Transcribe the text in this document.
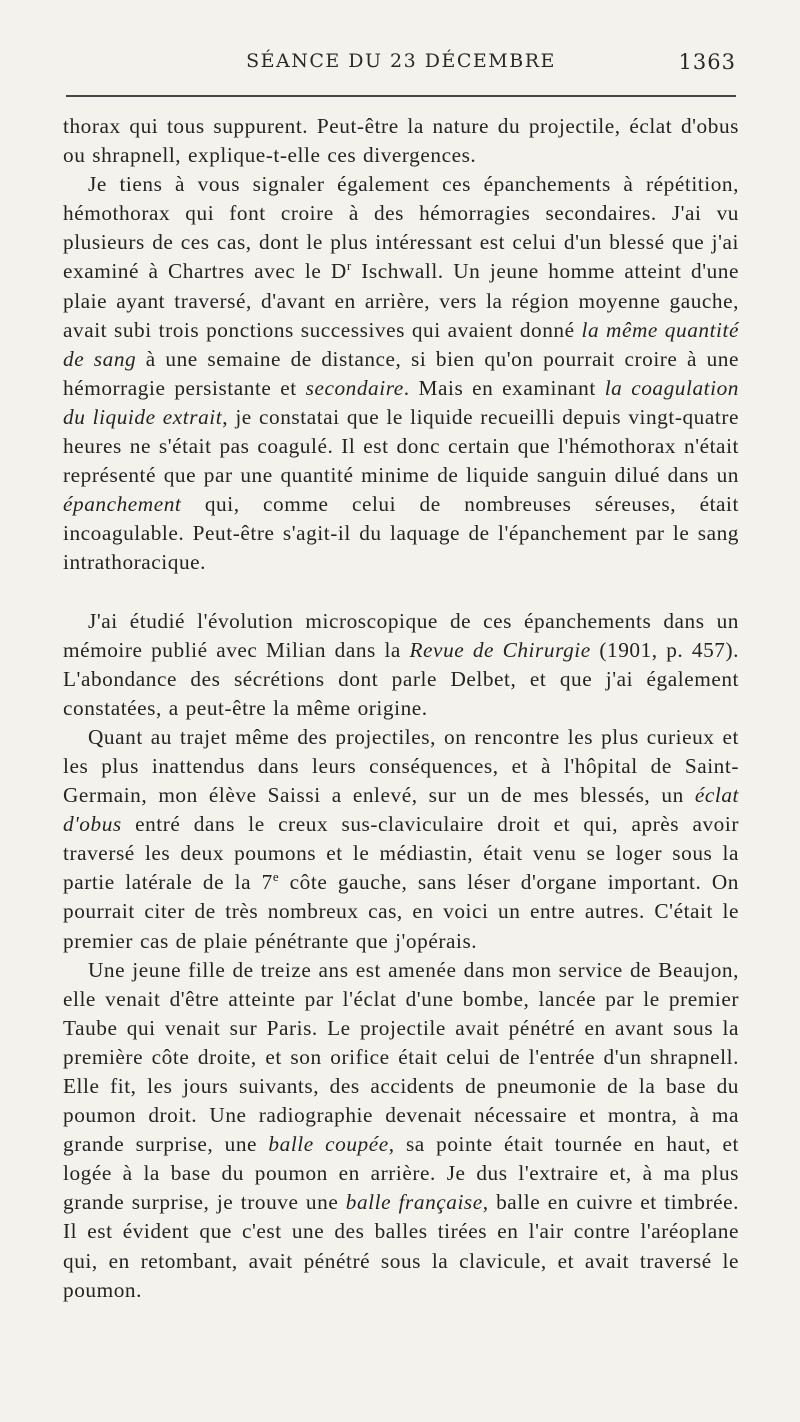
SÉANCE DU 23 DÉCEMBRE	1363

thorax qui tous suppurent. Peut-être la nature du projectile, éclat d'obus ou shrapnell, explique-t-elle ces divergences.

Je tiens à vous signaler également ces épanchements à répétition, hémothorax qui font croire à des hémorragies secondaires. J'ai vu plusieurs de ces cas, dont le plus intéressant est celui d'un blessé que j'ai examiné à Chartres avec le $D^r$ Ischwall. Un jeune homme atteint d'une plaie ayant traversé, d'avant en arrière, vers la région moyenne gauche, avait subi trois ponctions successives qui avaient donné la même quantité de sang à une semaine de distance, si bien qu'on pourrait croire à une hémorragie persistante et secondaire. Mais en examinant la coagulation du liquide extrait, je constatai que le liquide recueilli depuis vingt-quatre heures ne s'était pas coagulé. Il est donc certain que l'hémothorax n'était représenté que par une quantité minime de liquide sanguin dilué dans un épanchement qui, comme celui de nombreuses séreuses, était incoagulable. Peut-être s'agit-il du laquage de l'épanchement par le sang intrathoracique.

J'ai étudié l'évolution microscopique de ces épanchements dans un mémoire publié avec Milian dans la Revue de Chirurgie (1901, p. 457). L'abondance des sécrétions dont parle Delbet, et que j'ai également constatées, a peut-être la même origine.

Quant au trajet même des projectiles, on rencontre les plus curieux et les plus inattendus dans leurs conséquences, et à l'hôpital de Saint-Germain, mon élève Saissi a enlevé, sur un de mes blessés, un éclat d'obus entré dans le creux sus-claviculaire droit et qui, après avoir traversé les deux poumons et le médiastin, était venu se loger sous la partie latérale de la 7e côte gauche, sans léser d'organe important. On pourrait citer de très nombreux cas, en voici un entre autres. C'était le premier cas de plaie pénétrante que j'opérais.

Une jeune fille de treize ans est amenée dans mon service de Beaujon, elle venait d'être atteinte par l'éclat d'une bombe, lancée par le premier Taube qui venait sur Paris. Le projectile avait pénétré en avant sous la première côte droite, et son orifice était celui de l'entrée d'un shrapnell. Elle fit, les jours suivants, des accidents de pneumonie de la base du poumon droit. Une radiographie devenait nécessaire et montra, à ma grande surprise, une balle coupée, sa pointe était tournée en haut, et logée à la base du poumon en arrière. Je dus l'extraire et, à ma plus grande surprise, je trouve une balle française, balle en cuivre et timbrée. Il est évident que c'est une des balles tirées en l'air contre l'aréoplane qui, en retombant, avait pénétré sous la clavicule, et avait traversé le poumon.
